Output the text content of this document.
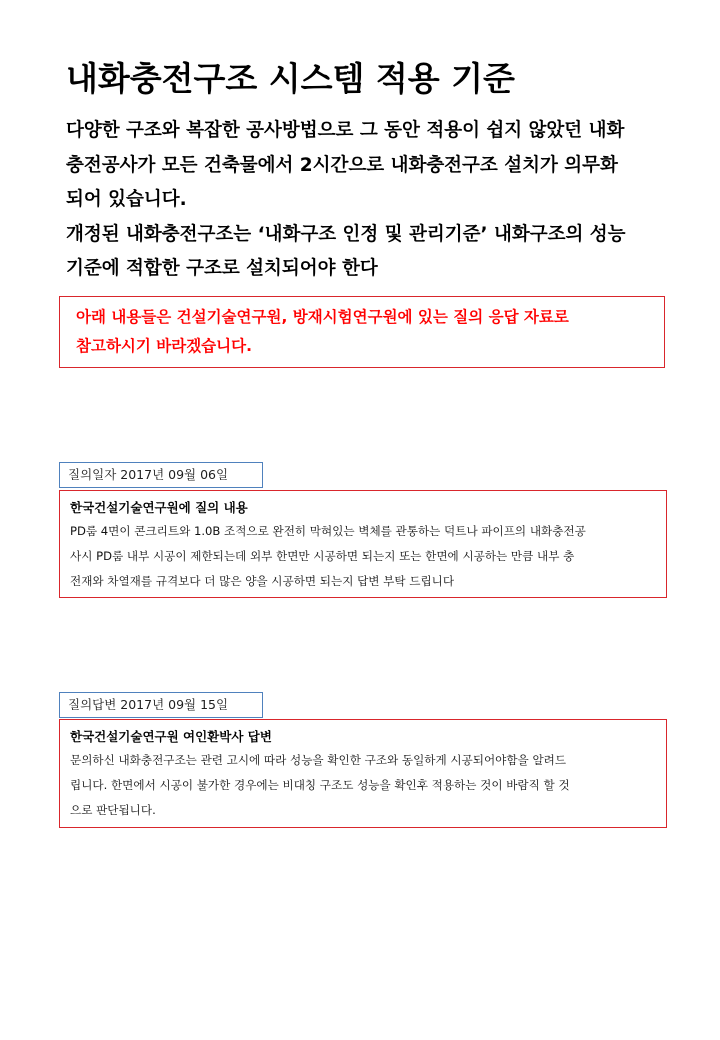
내화충전구조 시스템 적용 기준
다양한 구조와 복잡한 공사방법으로 그 동안 적용이 쉽지 않았던 내화
충전공사가 모든 건축물에서 2시간으로 내화충전구조 설치가 의무화
되어 있습니다.
개정된 내화충전구조는 ‘내화구조 인정 및 관리기준’ 내화구조의 성능
기준에 적합한 구조로 설치되어야 한다
아래 내용들은 건설기술연구원, 방재시험연구원에 있는 질의 응답 자료로
참고하시기 바라겠습니다.
질의일자 2017년 09월 06일
한국건설기술연구원에 질의 내용
PD룸 4면이 콘크리트와 1.0B 조적으로 완전히 막혀있는 벽체를 관통하는 덕트나 파이프의 내화충전공
사시 PD룸 내부 시공이 제한되는데 외부 한면만 시공하면 되는지 또는 한면에 시공하는 만큼 내부 충
전재와 차열재를 규격보다 더 많은 양을 시공하면 되는지 답변 부탁 드립니다
질의답변 2017년 09월 15일
한국건설기술연구원 여인환박사 답변
문의하신 내화충전구조는 관련 고시에 따라 성능을 확인한 구조와 동일하게 시공되어야함을 알려드
립니다. 한면에서 시공이 불가한 경우에는 비대칭 구조도 성능을 확인후 적용하는 것이 바람직 할 것
으로 판단됩니다.
